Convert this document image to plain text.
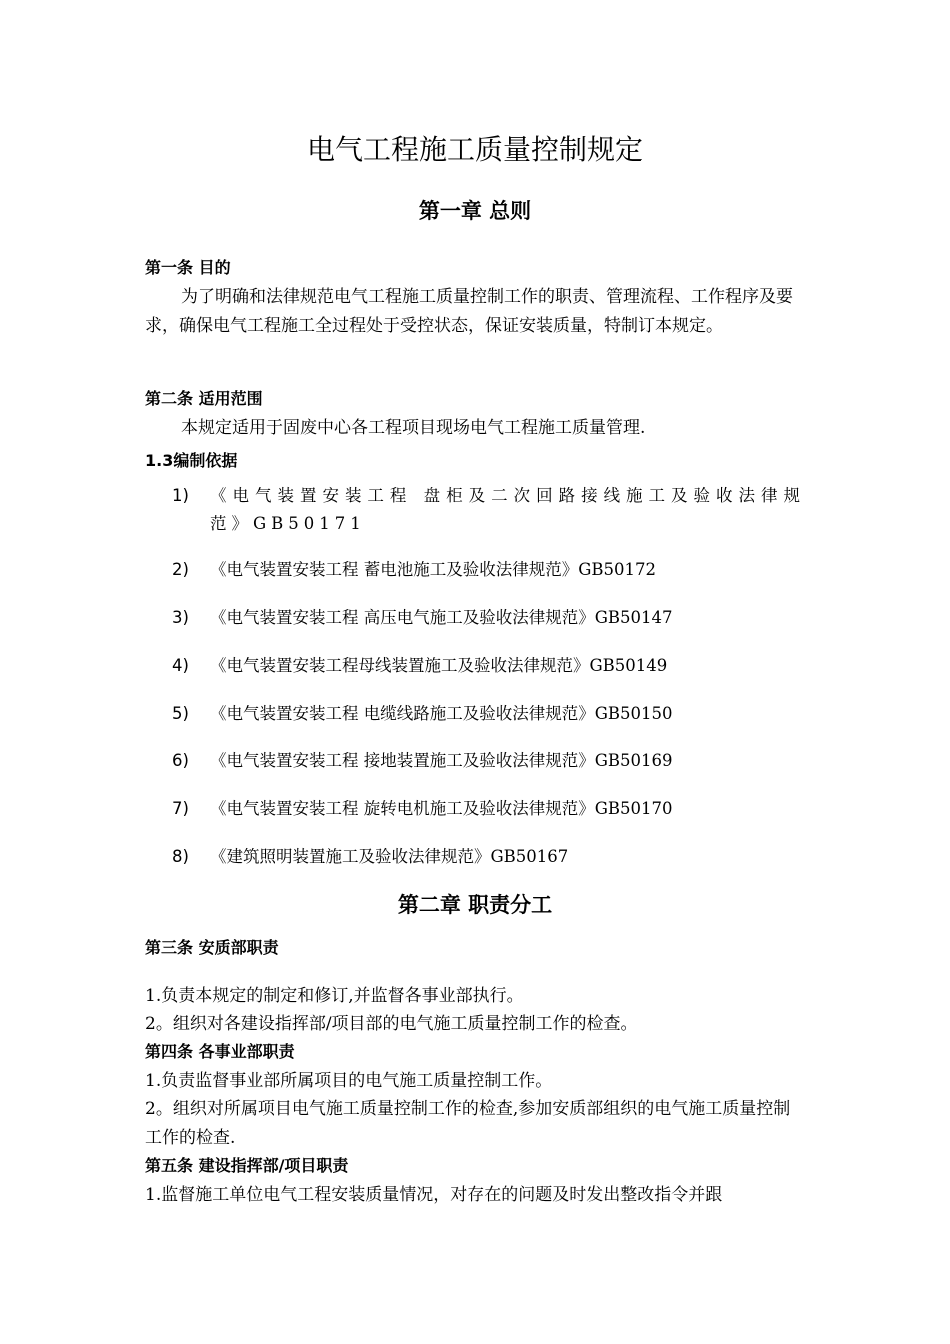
电气工程施工质量控制规定
第一章 总则
第一条 目的
为了明确和法律规范电气工程施工质量控制工作的职责、管理流程、工作程序及要求，确保电气工程施工全过程处于受控状态，保证安装质量，特制订本规定。
第二条 适用范围
本规定适用于固废中心各工程项目现场电气工程施工质量管理.
1.3编制依据
1)	《电气装置安装工程 盘柜及二次回路接线施工及验收法律规范》GB50171
2)	《电气装置安装工程 蓄电池施工及验收法律规范》GB50172
3)	《电气装置安装工程 高压电气施工及验收法律规范》GB50147
4)	《电气装置安装工程母线装置施工及验收法律规范》GB50149
5)	《电气装置安装工程 电缆线路施工及验收法律规范》GB50150
6)	《电气装置安装工程 接地装置施工及验收法律规范》GB50169
7)	《电气装置安装工程 旋转电机施工及验收法律规范》GB50170
8)	《建筑照明装置施工及验收法律规范》GB50167
第二章 职责分工
第三条 安质部职责
1.负责本规定的制定和修订,并监督各事业部执行。
2。组织对各建设指挥部/项目部的电气施工质量控制工作的检查。
第四条 各事业部职责
1.负责监督事业部所属项目的电气施工质量控制工作。
2。组织对所属项目电气施工质量控制工作的检查,参加安质部组织的电气施工质量控制工作的检查.
第五条 建设指挥部/项目职责
1.监督施工单位电气工程安装质量情况，对存在的问题及时发出整改指令并跟
